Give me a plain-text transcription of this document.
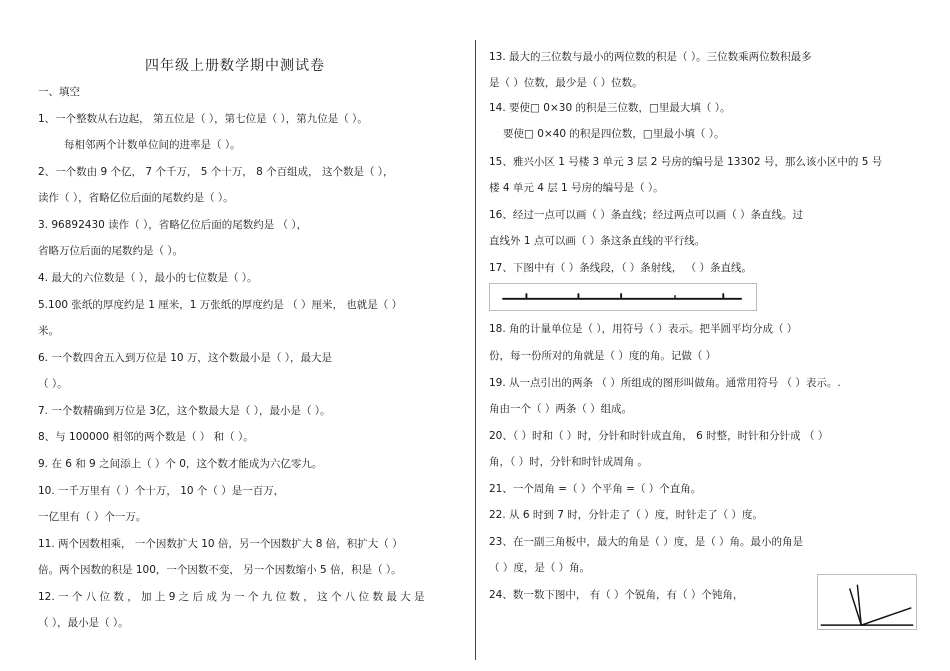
四年级上册数学期中测试卷
一、填空
1、一个整数从右边起， 第五位是（ ），第七位是（ ），第九位是（ ）。
每相邻两个计数单位间的进率是（ ）。
2、一个数由 9 个亿， 7 个千万， 5 个十万， 8 个百组成， 这个数是（ ），
读作（ ），省略亿位后面的尾数约是（ ）。
3. 96892430 读作（ ），省略亿位后面的尾数约是 （ ），
省略万位后面的尾数约是（ ）。
4. 最大的六位数是（ ），最小的七位数是（ ）。
5.100 张纸的厚度约是 1 厘米，1 万张纸的厚度约是 （ ）厘米， 也就是（ ）
米。
6. 一个数四舍五入到万位是 10 万，这个数最小是（ ），最大是
（ ）。
7. 一个数精确到万位是 3亿，这个数最大是（ ），最小是（ ）。
8、与 100000 相邻的两个数是（ ） 和（ ）。
9. 在 6 和 9 之间添上（ ）个 0，这个数才能成为六亿零九。
10. 一千万里有（ ）个十万， 10 个（ ）是一百万，
一亿里有（ ）个一万。
11. 两个因数相乘， 一个因数扩大 10 倍，另一个因数扩大 8 倍，积扩大（ ）
倍。两个因数的积是 100，一个因数不变， 另一个因数缩小 5 倍，积是（ ）。
12. 一 个 八 位 数 ， 加 上 9 之 后 成 为 一 个 九 位 数 ， 这 个 八 位 数 最 大 是
（ ），最小是（ ）。
13. 最大的三位数与最小的两位数的积是（ ）。三位数乘两位数积最多
是（ ）位数，最少是（ ）位数。
14. 要使□ 0×30 的积是三位数，□里最大填（ ）。
要使□ 0×40 的积是四位数，□里最小填（ ）。
15、雅兴小区 1 号楼 3 单元 3 层 2 号房的编号是 13302 号，那么该小区中的 5 号
楼 4 单元 4 层 1 号房的编号是（ ）。
16、经过一点可以画（ ）条直线；经过两点可以画（ ）条直线。过
直线外 1 点可以画（ ）条这条直线的平行线。
17、下图中有（ ）条线段，（ ）条射线， （ ）条直线。
18. 角的计量单位是（ ），用符号（ ）表示。把半圆平均分成（ ）
份，每一份所对的角就是（ ）度的角。记做（ ）
19. 从一点引出的两条 （ ）所组成的图形叫做角。通常用符号 （ ）表示。.
角由一个（ ）两条（ ）组成。
20、（ ）时和（ ）时，分针和时针成直角， 6 时整，时针和分针成 （ ）
角，（ ）时，分针和时针成周角 。
21、一个周角 =（ ）个平角 =（ ）个直角。
22. 从 6 时到 7 时，分针走了（ ）度，时针走了（ ）度。
23、在一副三角板中，最大的角是（ ）度，是（ ）角。最小的角是
（ ）度，是（ ）角。
24、数一数下图中， 有（ ）个锐角，有（ ）个钝角，
